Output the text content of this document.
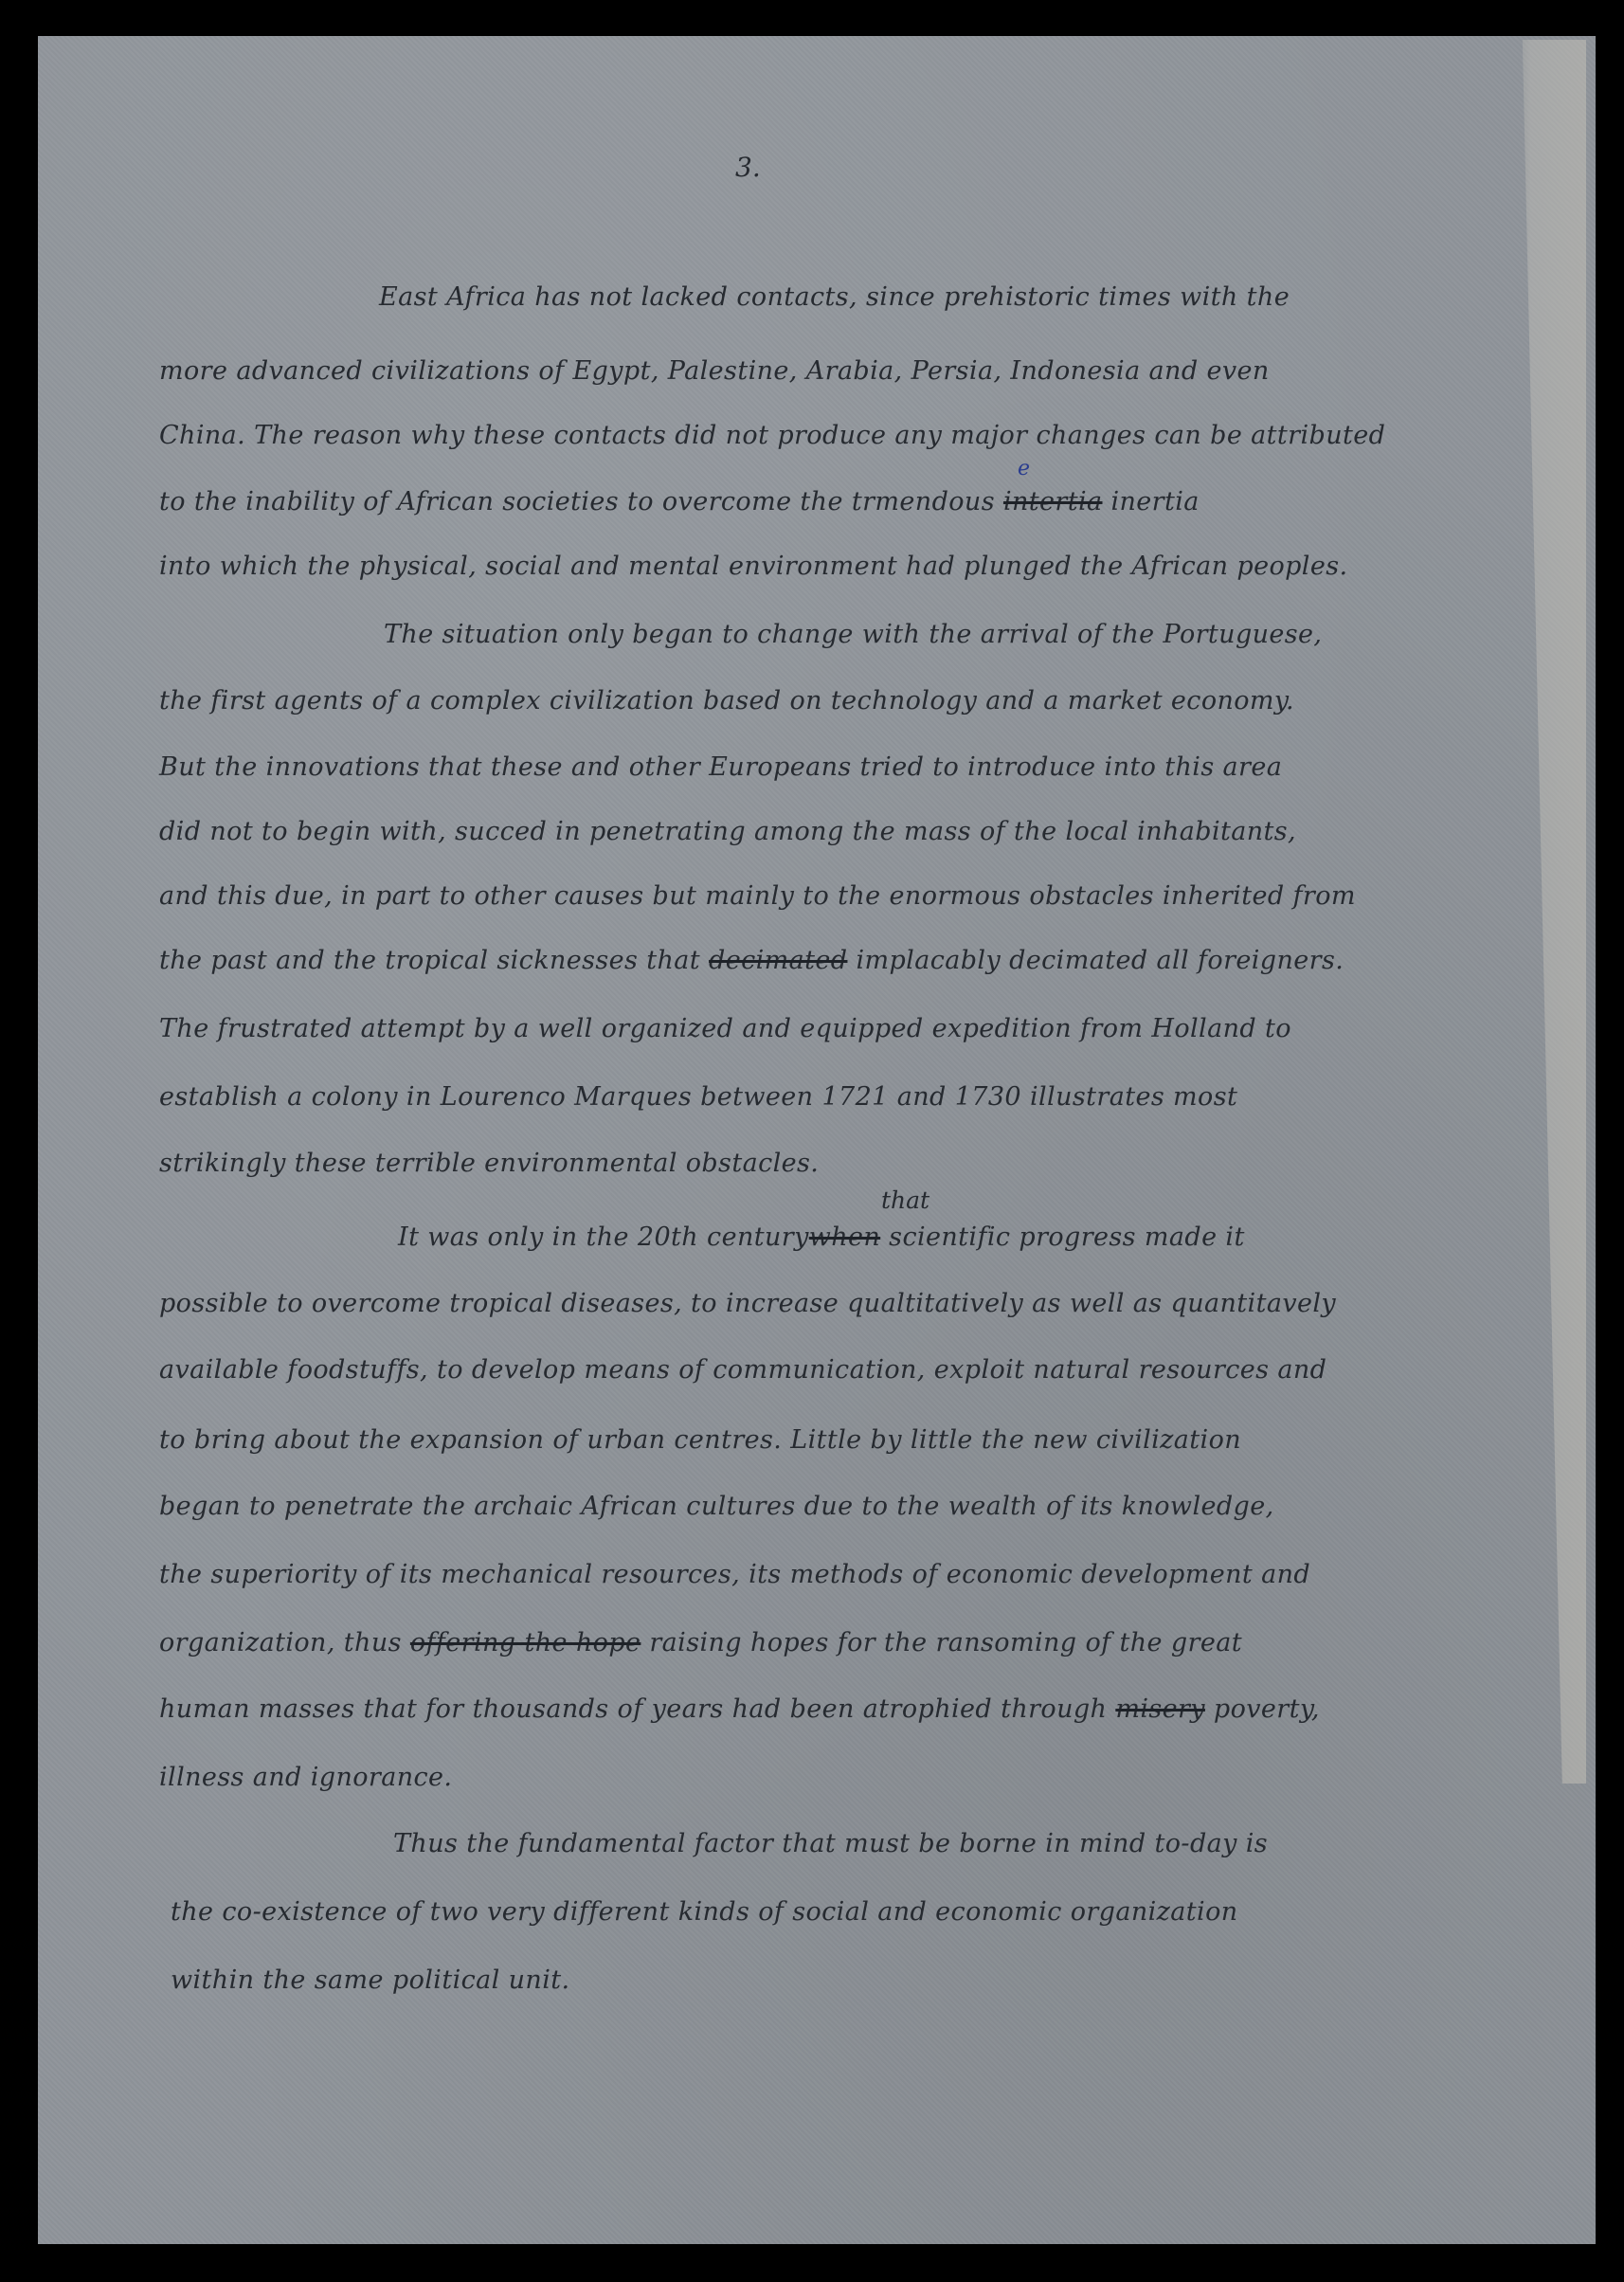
3.

East Africa has not lacked contacts, since prehistoric times with the

more advanced civilizations of Egypt, Palestine, Arabia, Persia, Indonesia and even

China. The reason why these contacts did not produce any major changes can be attributed

e

to the inability of African societies to overcome the trmendous intertia inertia

into which the physical, social and mental environment had plunged the African peoples.

The situation only began to change with the arrival of the Portuguese,

the first agents of a complex civilization based on technology and a market economy.

But the innovations that these and other Europeans tried to introduce into this area

did not to begin with, succed in penetrating among the mass of the local inhabitants,

and this due, in part to other causes but mainly to the enormous obstacles inherited from

the past and the tropical sicknesses that decimated implacably decimated all foreigners.

The frustrated attempt by a well organized and equipped expedition from Holland to

establish a colony in Lourenco Marques between 1721 and 1730 illustrates most

strikingly these terrible environmental obstacles.

that

It was only in the 20th centurywhen scientific progress made it

possible to overcome tropical diseases, to increase qualtitatively as well as quantitavely

available foodstuffs, to develop means of communication, exploit natural resources and

to bring about the expansion of urban centres. Little by little the new civilization

began to penetrate the archaic African cultures due to the wealth of its knowledge,

the superiority of its mechanical resources, its methods of economic development and

organization, thus offering the hope raising hopes for the ransoming of the great

human masses that for thousands of years had been atrophied through misery poverty,

illness and ignorance.

Thus the fundamental factor that must be borne in mind to-day is

the co-existence of two very different kinds of social and economic organization

within the same political unit.
